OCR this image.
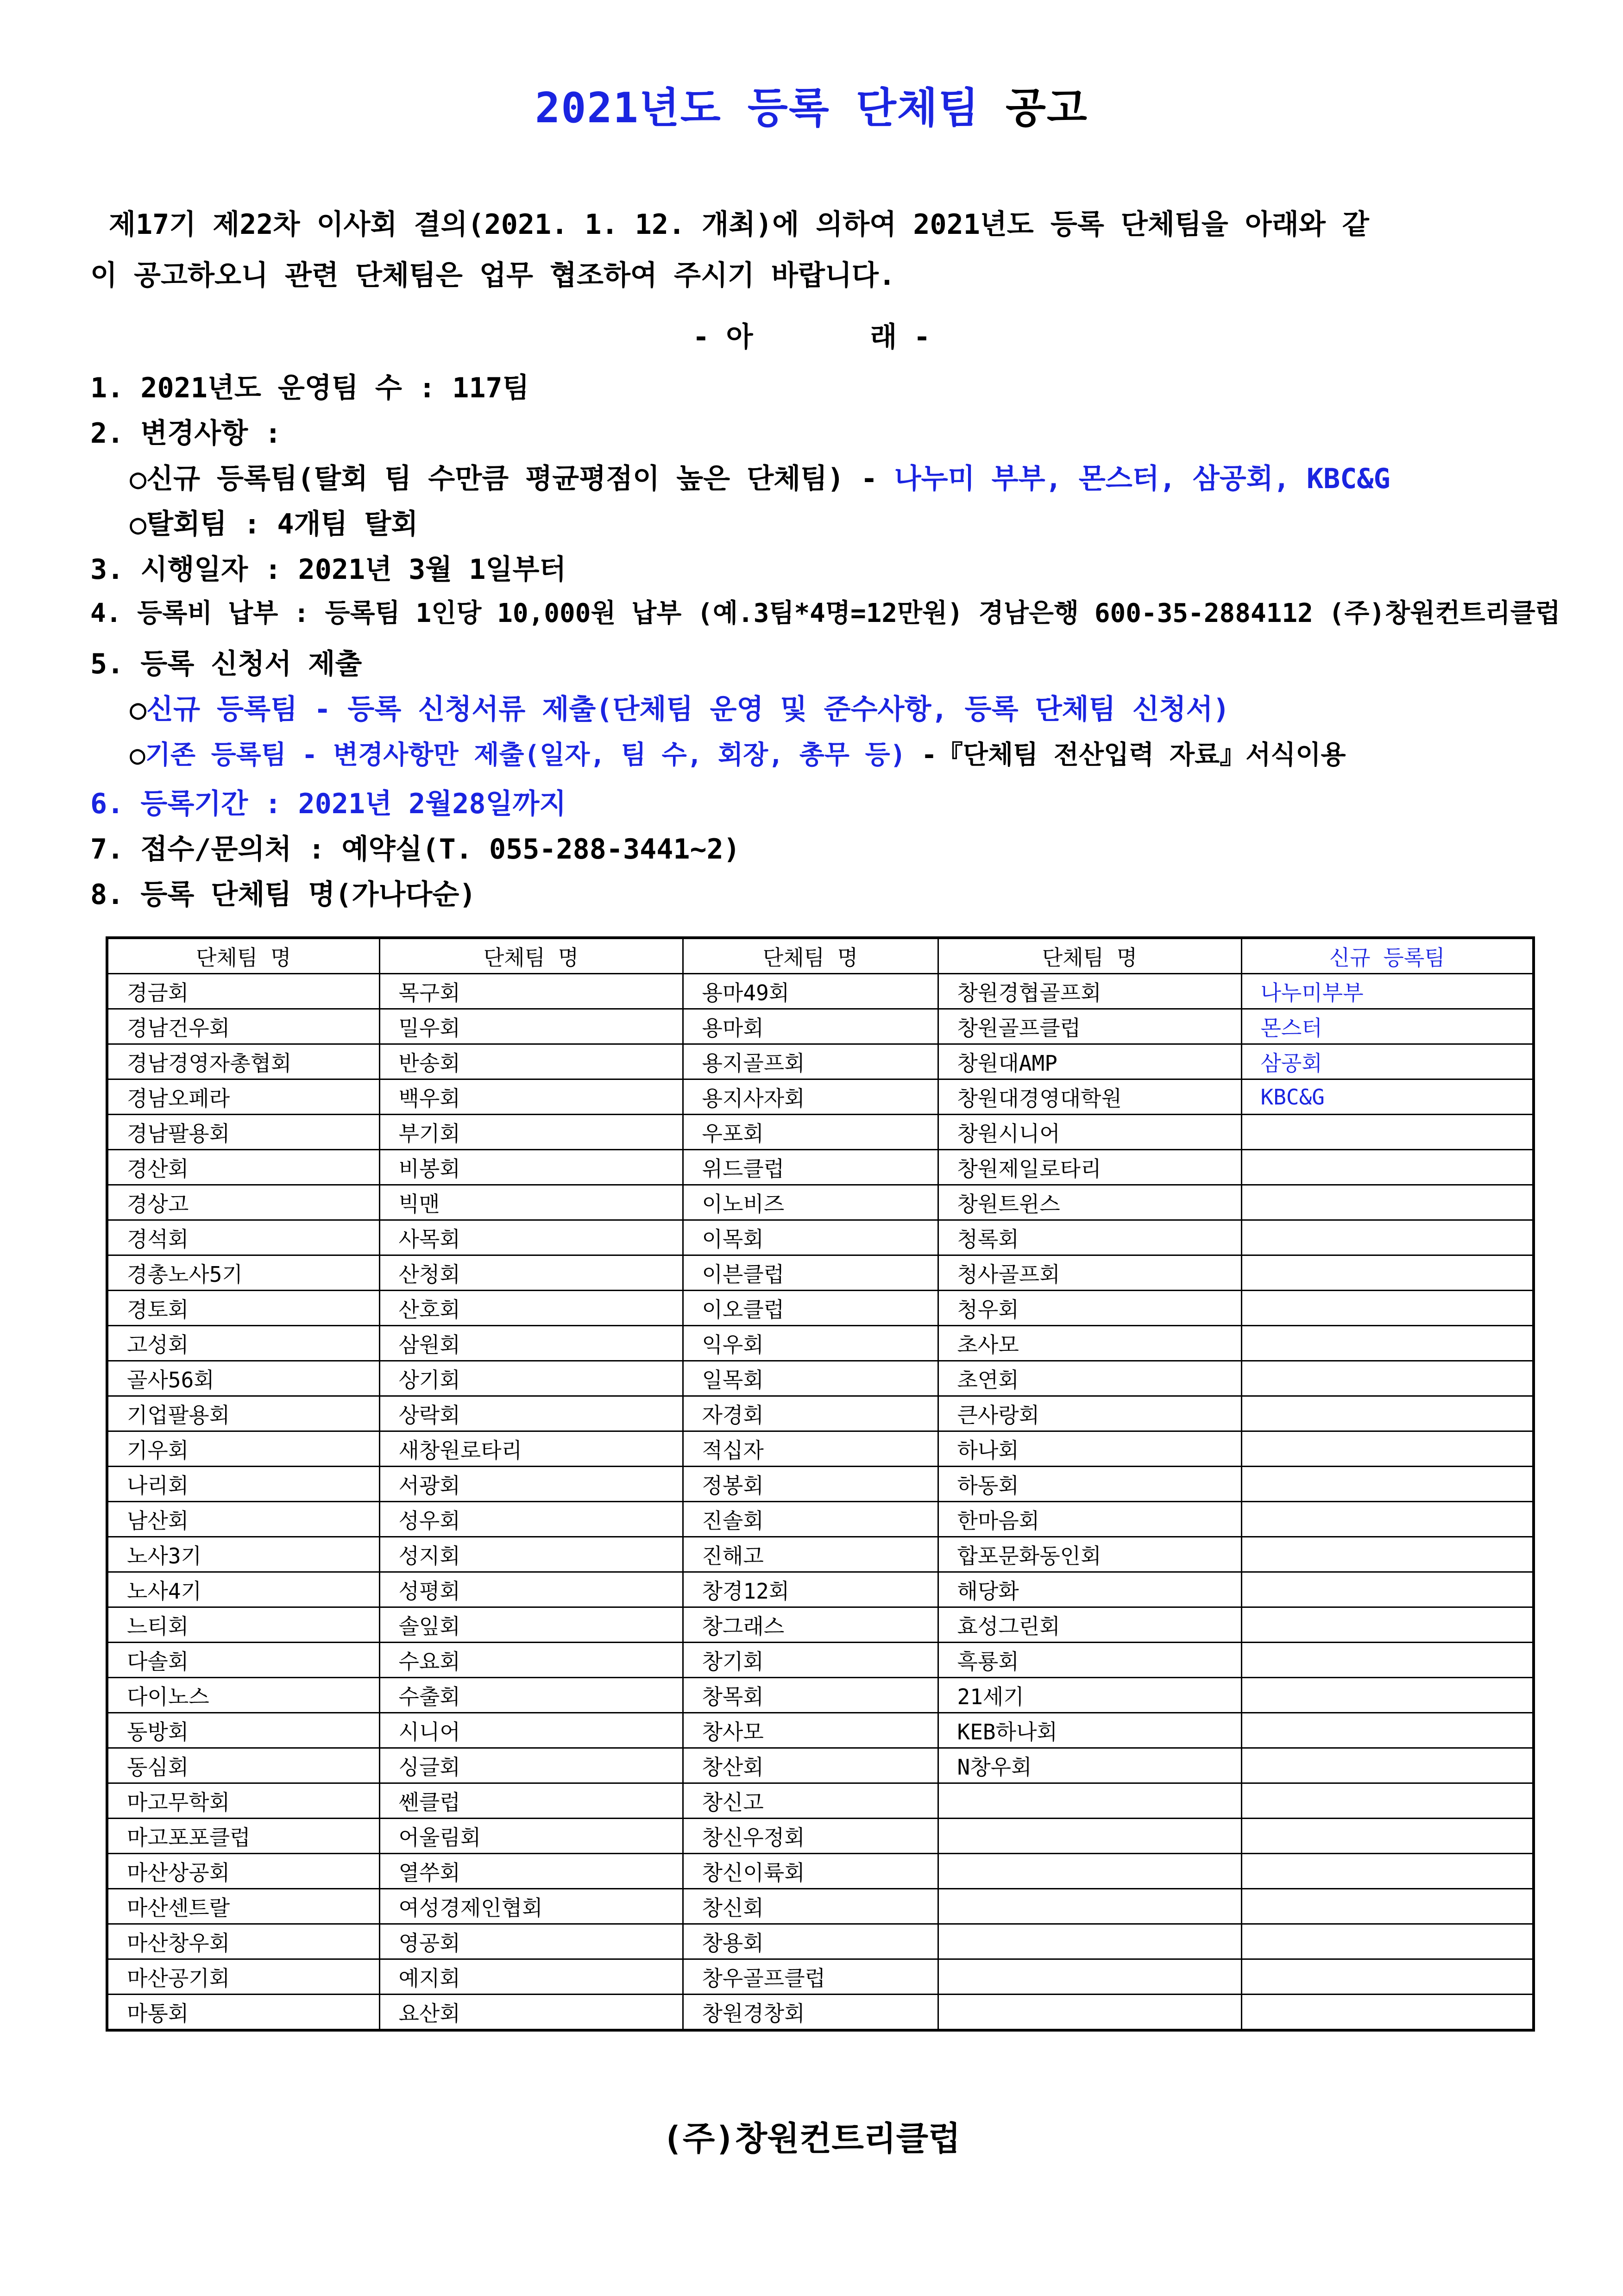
2021년도 등록 단체팀 공고
제17기 제22차 이사회 결의(2021. 1. 12. 개최)에 의하여 2021년도 등록 단체팀을 아래와 같
이 공고하오니 관련 단체팀은 업무 협조하여 주시기 바랍니다.
- 아       래 -
1. 2021년도 운영팀 수 : 117팀
2. 변경사항 :
○신규 등록팀(탈회 팀 수만큼 평균평점이 높은 단체팀) - 나누미 부부, 몬스터, 삼공회, KBC&G
○탈회팀 : 4개팀 탈회
3. 시행일자 : 2021년 3월 1일부터
4. 등록비 납부 : 등록팀 1인당 10,000원 납부 (예.3팀*4명=12만원) 경남은행 600-35-2884112 (주)창원컨트리클럽
5. 등록 신청서 제출
○신규 등록팀 - 등록 신청서류 제출(단체팀 운영 및 준수사항, 등록 단체팀 신청서)
○기존 등록팀 - 변경사항만 제출(일자, 팀 수, 회장, 총무 등) -『단체팀 전산입력 자료』서식이용
6. 등록기간 : 2021년 2월28일까지
7. 접수/문의처 : 예약실(T. 055-288-3441~2)
8. 등록 단체팀 명(가나다순)
단체팀 명	단체팀 명	단체팀 명	단체팀 명	신규 등록팀
경금회	목구회	용마49회	창원경협골프회	나누미부부
경남건우회	밀우회	용마회	창원골프클럽	몬스터
경남경영자총협회	반송회	용지골프회	창원대AMP	삼공회
경남오페라	백우회	용지사자회	창원대경영대학원	KBC&G
경남팔용회	부기회	우포회	창원시니어	
경산회	비봉회	위드클럽	창원제일로타리	
경상고	빅맨	이노비즈	창원트윈스	
경석회	사목회	이목회	청록회	
경총노사5기	산청회	이븐클럽	청사골프회	
경토회	산호회	이오클럽	청우회	
고성회	삼원회	익우회	초사모	
골사56회	상기회	일목회	초연회	
기업팔용회	상락회	자경회	큰사랑회	
기우회	새창원로타리	적십자	하나회	
나리회	서광회	정봉회	하동회	
남산회	성우회	진솔회	한마음회	
노사3기	성지회	진해고	합포문화동인회	
노사4기	성평회	창경12회	해당화	
느티회	솔잎회	창그래스	효성그린회	
다솔회	수요회	창기회	흑룡회	
다이노스	수출회	창목회	21세기	
동방회	시니어	창사모	KEB하나회	
동심회	싱글회	창산회	N창우회	
마고무학회	쎈클럽	창신고		
마고포포클럽	어울림회	창신우정회		
마산상공회	열쑤회	창신이륙회		
마산센트랄	여성경제인협회	창신회		
마산창우회	영공회	창용회		
마산공기회	예지회	창우골프클럽		
마통회	요산회	창원경창회		
(주)창원컨트리클럽
